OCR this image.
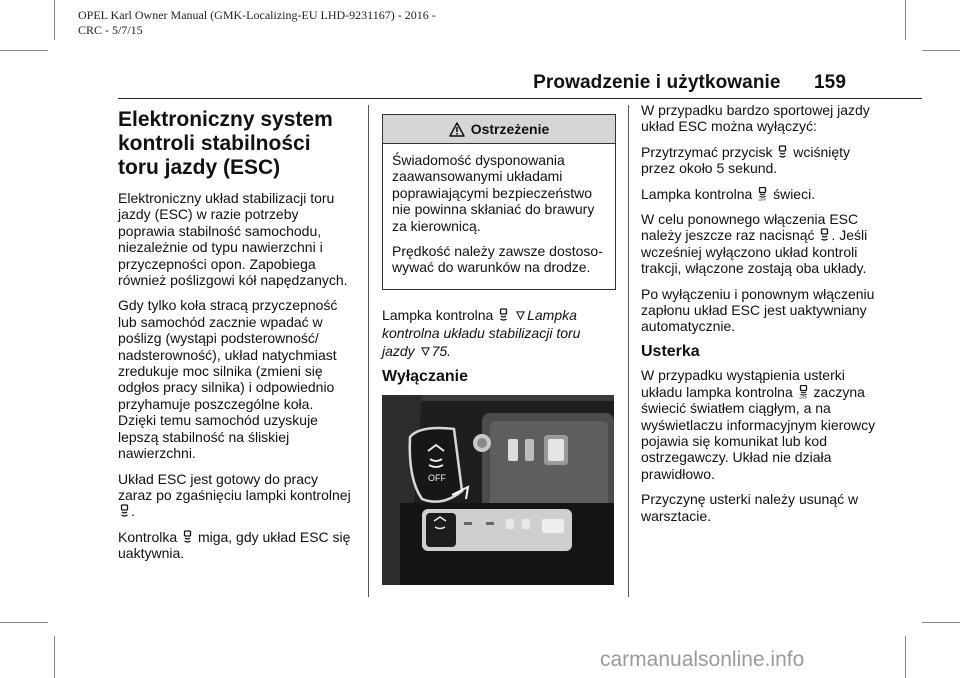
OPEL Karl Owner Manual (GMK-Localizing-EU LHD-9231167) - 2016 -
CRC - 5/7/15
Prowadzenie i użytkowanie 159
Elektroniczny system kontroli stabilności toru jazdy (ESC)

Elektroniczny układ stabilizacji toru jazdy (ESC) w razie potrzeby poprawia stabilność samochodu, niezależnie od typu nawierzchni i przyczepności opon. Zapobiega również poślizgowi kół napędzanych.

Gdy tylko koła stracą przyczepność lub samochód zacznie wpadać w poślizg (wystąpi podsterowność/ nadsterowność), układ natychmiast zredukuje moc silnika (zmieni się odgłos pracy silnika) i odpowiednio przyhamuje poszczególne koła. Dzięki temu samochód uzyskuje lepszą stabilność na śliskiej nawierzchni.

Układ ESC jest gotowy do pracy zaraz po zgaśnięciu lampki kontrolnej .

Kontrolka miga, gdy układ ESC się uaktywnia.

Ostrzeżenie

Świadomość dysponowania zaawansowanymi układami poprawiającymi bezpieczeństwo nie powinna skłaniać do brawury za kierownicą.

Prędkość należy zawsze dostoso- wywać do warunków na drodze.

Lampka kontrolna Lampka kontrolna układu stabilizacji toru jazdy 75.

Wyłączanie
OFF

W przypadku bardzo sportowej jazdy układ ESC można wyłączyć:

Przytrzymać przycisk wciśnięty przez około 5 sekund.

Lampka kontrolna OFF świeci.

W celu ponownego włączenia ESC należy jeszcze raz nacisnąć . Jeśli wcześniej wyłączono układ kontroli trakcji, włączone zostają oba układy.

Po wyłączeniu i ponownym włączeniu zapłonu układ ESC jest uaktywniany automatycznie.

Usterka

W przypadku wystąpienia usterki układu lampka kontrolna OFF zaczyna świecić światłem ciągłym, a na wyświetlaczu informacyjnym kierowcy pojawia się komunikat lub kod ostrzegawczy. Układ nie działa prawidłowo.

Przyczynę usterki należy usunąć w warsztacie.

carmanualsonline.info
